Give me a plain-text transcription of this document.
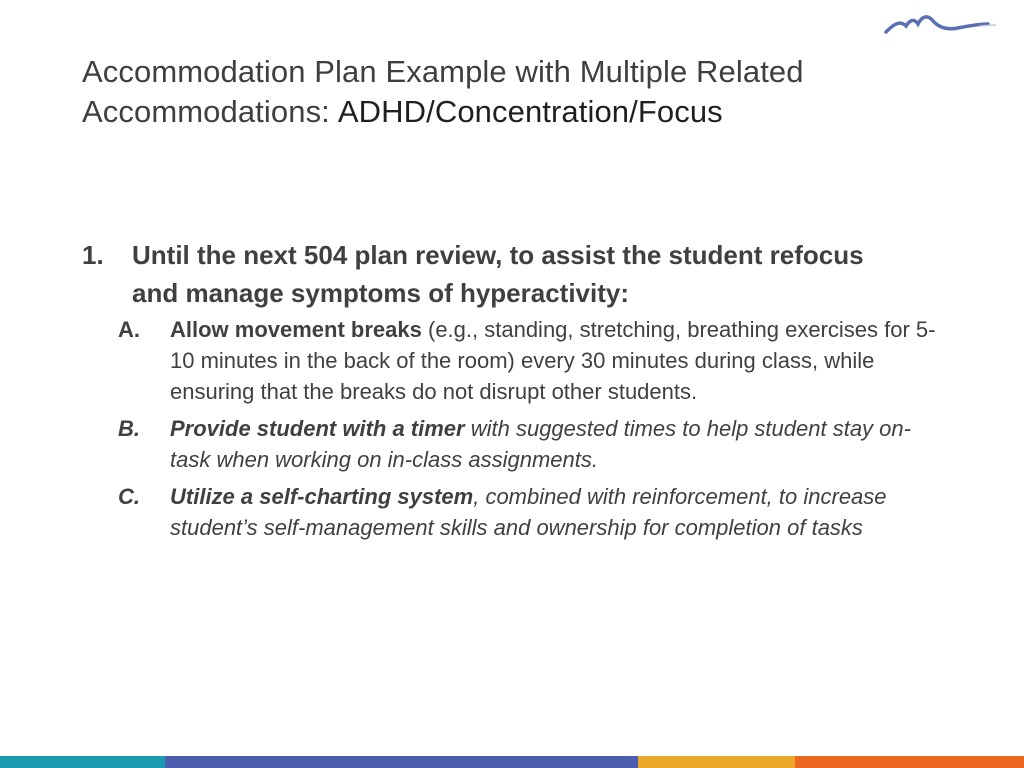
Accommodation Plan Example with Multiple Related Accommodations: ADHD/Concentration/Focus
1.	Until the next 504 plan review, to assist the student refocus and manage symptoms of hyperactivity:
A.	Allow movement breaks (e.g., standing, stretching, breathing exercises for 5-10 minutes in the back of the room) every 30 minutes during class, while ensuring that the breaks do not disrupt other students.
B.	Provide student with a timer with suggested times to help student stay on-task when working on in-class assignments.
C.	Utilize a self-charting system, combined with reinforcement, to increase student’s self-management skills and ownership for completion of tasks
